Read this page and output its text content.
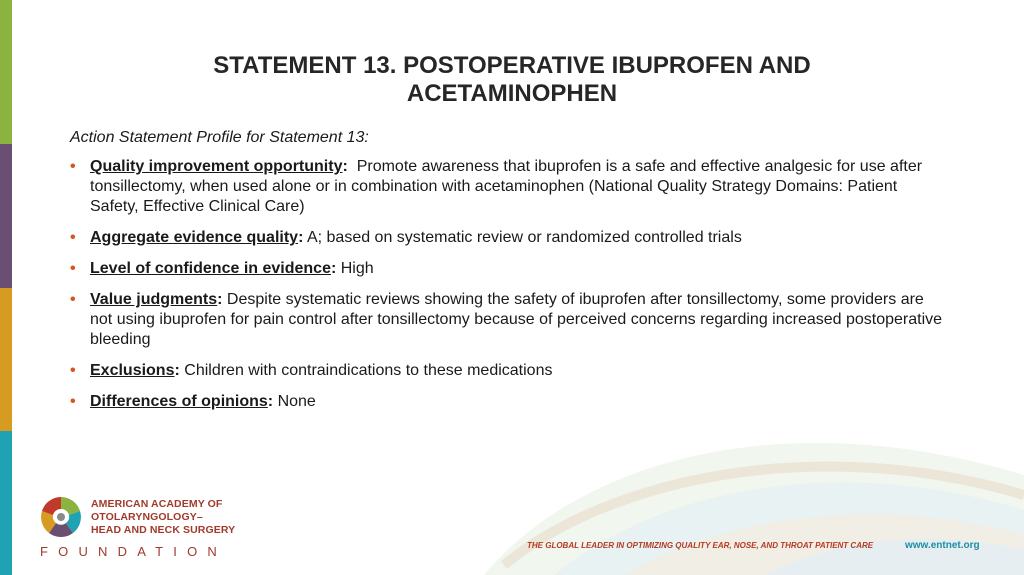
STATEMENT 13. POSTOPERATIVE IBUPROFEN AND
ACETAMINOPHEN

Action Statement Profile for Statement 13:

• Quality improvement opportunity: Promote awareness that ibuprofen is a safe and effective analgesic for use after tonsillectomy, when used alone or in combination with acetaminophen (National Quality Strategy Domains: Patient Safety, Effective Clinical Care)
• Aggregate evidence quality: A; based on systematic review or randomized controlled trials
• Level of confidence in evidence: High
• Value judgments: Despite systematic reviews showing the safety of ibuprofen after tonsillectomy, some providers are not using ibuprofen for pain control after tonsillectomy because of perceived concerns regarding increased postoperative bleeding
• Exclusions: Children with contraindications to these medications
• Differences of opinions: None
AMERICAN ACADEMY OF
OTOLARYNGOLOGY–
HEAD AND NECK SURGERY
FOUNDATION	THE GLOBAL LEADER IN OPTIMIZING QUALITY EAR, NOSE, AND THROAT PATIENT CARE	www.entnet.org
